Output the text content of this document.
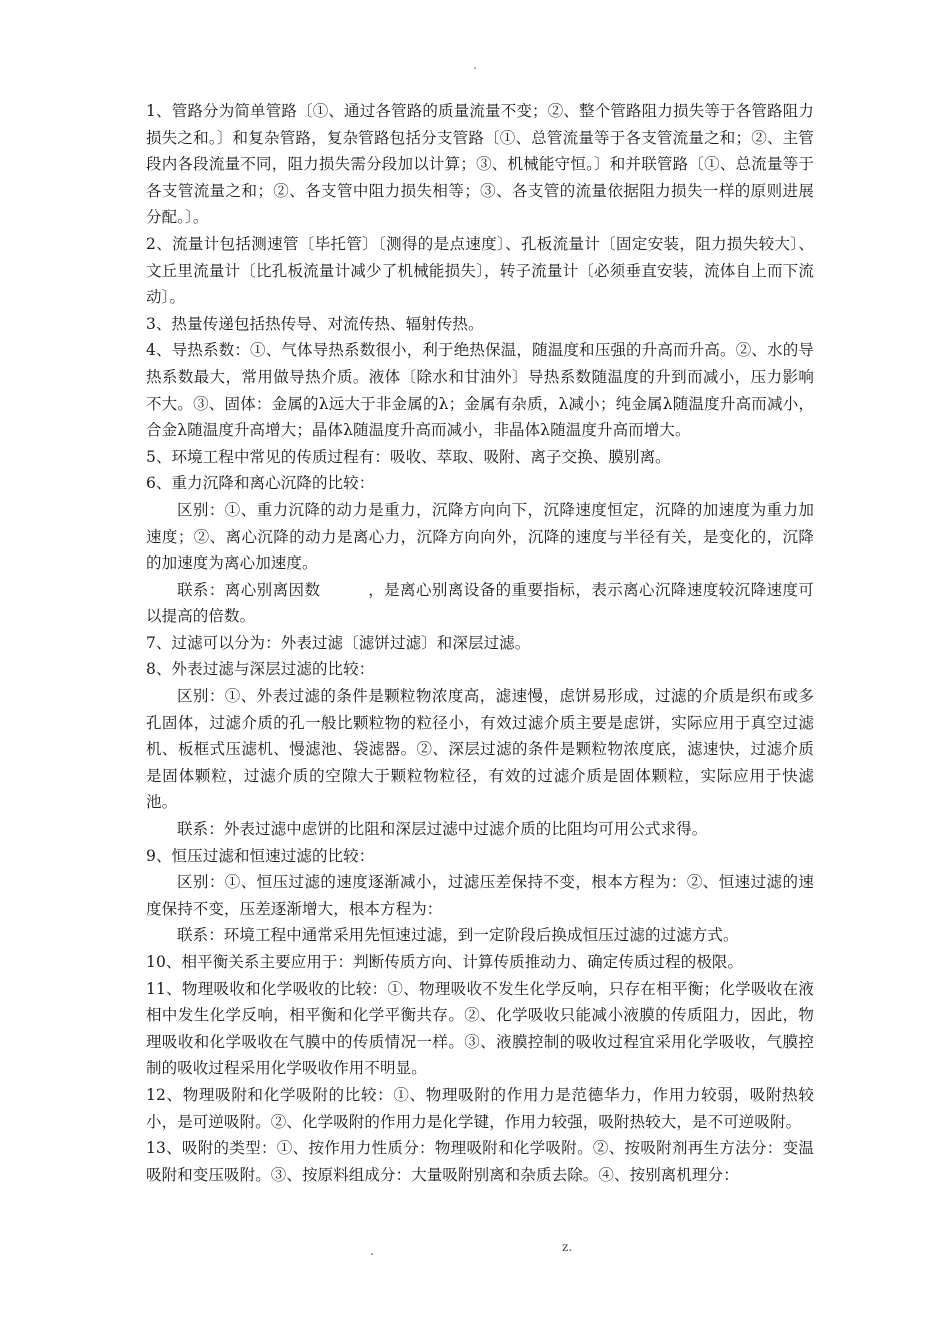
.

1、管路分为简单管路〔①、通过各管路的质量流量不变；②、整个管路阻力损失等于各管路阻力损失之和。〕和复杂管路，复杂管路包括分支管路〔①、总管流量等于各支管流量之和；②、主管段内各段流量不同，阻力损失需分段加以计算；③、机械能守恒。〕和并联管路〔①、总流量等于各支管流量之和；②、各支管中阻力损失相等；③、各支管的流量依据阻力损失一样的原则进展分配。〕。

2、流量计包括测速管〔毕托管〕〔测得的是点速度〕、孔板流量计〔固定安装，阻力损失较大〕、文丘里流量计〔比孔板流量计减少了机械能损失〕，转子流量计〔必须垂直安装，流体自上而下流动〕。

3、热量传递包括热传导、对流传热、辐射传热。

4、导热系数：①、气体导热系数很小，利于绝热保温，随温度和压强的升高而升高。②、水的导热系数最大，常用做导热介质。液体〔除水和甘油外〕导热系数随温度的升到而减小，压力影响不大。③、固体：金属的λ远大于非金属的λ；金属有杂质，λ减小；纯金属λ随温度升高而减小，合金λ随温度升高增大；晶体λ随温度升高而减小，非晶体λ随温度升高而增大。

5、环境工程中常见的传质过程有：吸收、萃取、吸附、离子交换、膜别离。

6、重力沉降和离心沉降的比较：

区别：①、重力沉降的动力是重力，沉降方向向下，沉降速度恒定，沉降的加速度为重力加速度；②、离心沉降的动力是离心力，沉降方向向外，沉降的速度与半径有关，是变化的，沉降的加速度为离心加速度。

联系：离心别离因数　　　，是离心别离设备的重要指标，表示离心沉降速度较沉降速度可以提高的倍数。

7、过滤可以分为：外表过滤〔滤饼过滤〕和深层过滤。

8、外表过滤与深层过滤的比较：

区别：①、外表过滤的条件是颗粒物浓度高，滤速慢，虑饼易形成，过滤的介质是织布或多孔固体，过滤介质的孔一般比颗粒物的粒径小，有效过滤介质主要是虑饼，实际应用于真空过滤机、板框式压滤机、慢滤池、袋滤器。②、深层过滤的条件是颗粒物浓度底，滤速快，过滤介质是固体颗粒，过滤介质的空隙大于颗粒物粒径，有效的过滤介质是固体颗粒，实际应用于快滤池。

联系：外表过滤中虑饼的比阻和深层过滤中过滤介质的比阻均可用公式求得。

9、恒压过滤和恒速过滤的比较：

区别：①、恒压过滤的速度逐渐减小，过滤压差保持不变，根本方程为：②、恒速过滤的速度保持不变，压差逐渐增大，根本方程为：

联系：环境工程中通常采用先恒速过滤，到一定阶段后换成恒压过滤的过滤方式。

10、相平衡关系主要应用于：判断传质方向、计算传质推动力、确定传质过程的极限。

11、物理吸收和化学吸收的比较：①、物理吸收不发生化学反响，只存在相平衡；化学吸收在液相中发生化学反响，相平衡和化学平衡共存。②、化学吸收只能减小液膜的传质阻力，因此，物理吸收和化学吸收在气膜中的传质情况一样。③、液膜控制的吸收过程宜采用化学吸收，气膜控制的吸收过程采用化学吸收作用不明显。

12、物理吸附和化学吸附的比较：①、物理吸附的作用力是范德华力，作用力较弱，吸附热较小，是可逆吸附。②、化学吸附的作用力是化学键，作用力较强，吸附热较大，是不可逆吸附。

13、吸附的类型：①、按作用力性质分：物理吸附和化学吸附。②、按吸附剂再生方法分：变温吸附和变压吸附。③、按原料组成分：大量吸附别离和杂质去除。④、按别离机理分：

.	z.
